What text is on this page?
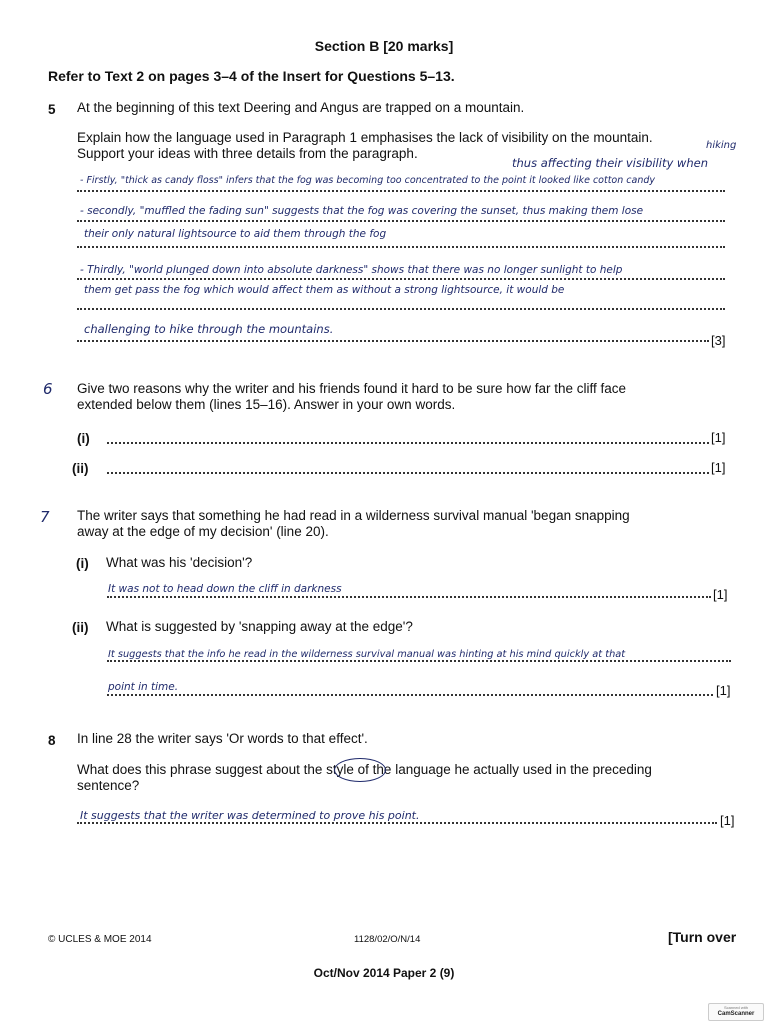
Section B [20 marks]
Refer to Text 2 on pages 3–4 of the Insert for Questions 5–13.
5 At the beginning of this text Deering and Angus are trapped on a mountain.
Explain how the language used in Paragraph 1 emphasises the lack of visibility on the mountain.
Support your ideas with three details from the paragraph.
thus affecting their visibility when
hiking
- Firstly, "thick as candy floss" infers that the fog was becoming too concentrated to the point it looked like cotton candy
- secondly, "muffled the fading sun" suggests that the fog was covering the sunset, thus making them lose
their only natural lightsource to aid them through the fog
- Thirdly, "world plunged down into absolute darkness" shows that there was no longer sunlight to help
them get pass the fog which would affect them as without a strong lightsource, it would be
challenging to hike through the mountains.
[3]
6 Give two reasons why the writer and his friends found it hard to be sure how far the cliff face
extended below them (lines 15–16). Answer in your own words.
(i)	[1]
(ii)	[1]
7 The writer says that something he had read in a wilderness survival manual 'began snapping
away at the edge of my decision' (line 20).
(i) What was his 'decision'?
It was not to head down the cliff in darkness	[1]
(ii) What is suggested by 'snapping away at the edge'?
It suggests that the info he read in the wilderness survival manual was hinting at his mind quickly at that
point in time.	[1]
8 In line 28 the writer says 'Or words to that effect'.
What does this phrase suggest about the style of the language he actually used in the preceding
sentence?
It suggests that the writer was determined to prove his point.	[1]
© UCLES & MOE 2014	1128/02/O/N/14	[Turn over
Oct/Nov 2014 Paper 2 (9)
Scanned with
CamScanner
